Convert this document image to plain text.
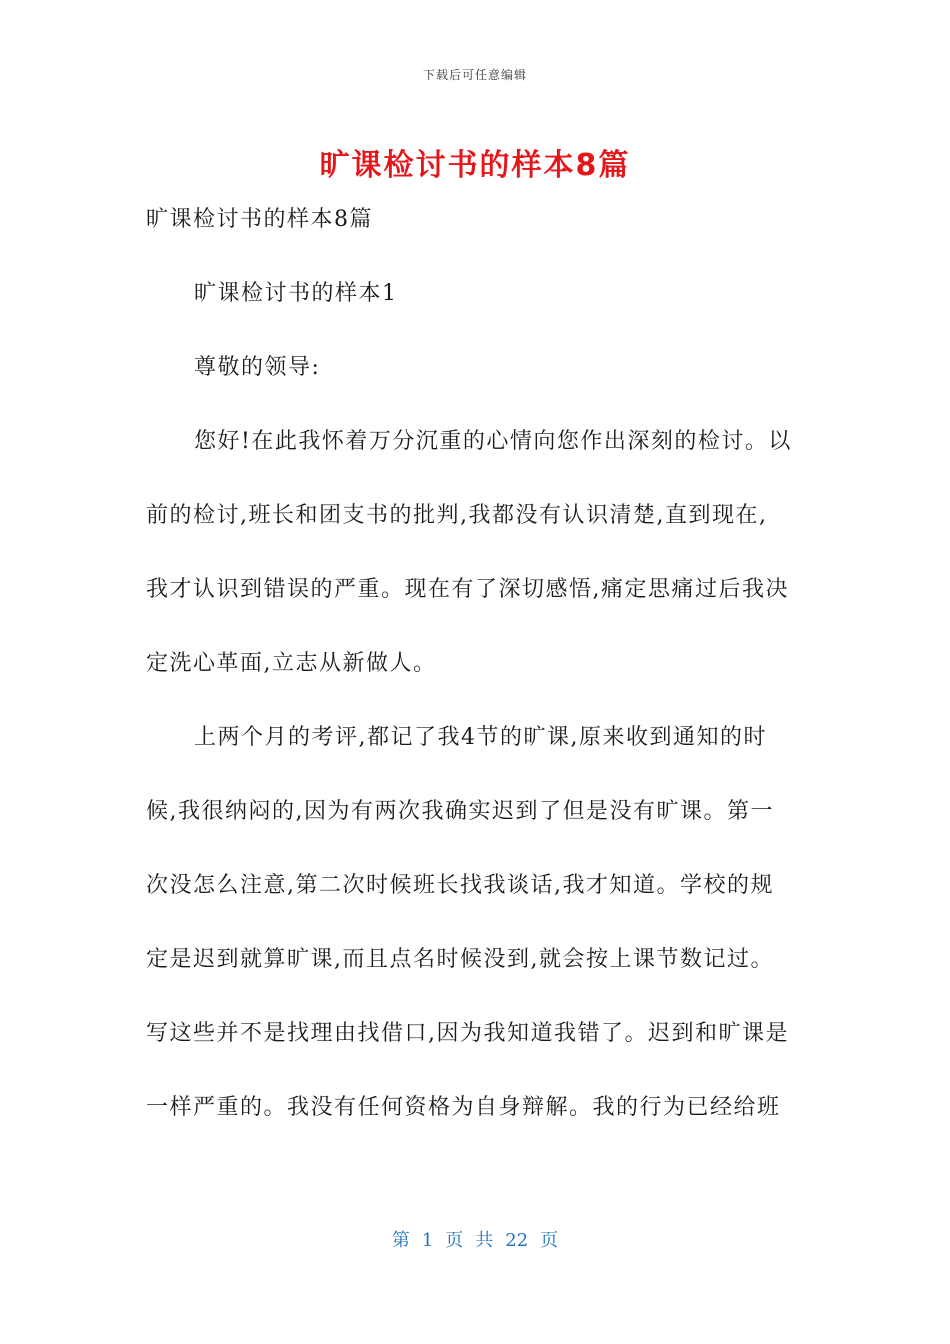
下载后可任意编辑
旷课检讨书的样本8篇
旷课检讨书的样本8篇
旷课检讨书的样本1
尊敬的领导:
您好!在此我怀着万分沉重的心情向您作出深刻的检讨。以
前的检讨,班长和团支书的批判,我都没有认识清楚,直到现在,
我才认识到错误的严重。现在有了深切感悟,痛定思痛过后我决
定洗心革面,立志从新做人。
上两个月的考评,都记了我4节的旷课,原来收到通知的时
候,我很纳闷的,因为有两次我确实迟到了但是没有旷课。第一
次没怎么注意,第二次时候班长找我谈话,我才知道。学校的规
定是迟到就算旷课,而且点名时候没到,就会按上课节数记过。
写这些并不是找理由找借口,因为我知道我错了。迟到和旷课是
一样严重的。我没有任何资格为自身辩解。我的行为已经给班
第 1 页 共 22 页
